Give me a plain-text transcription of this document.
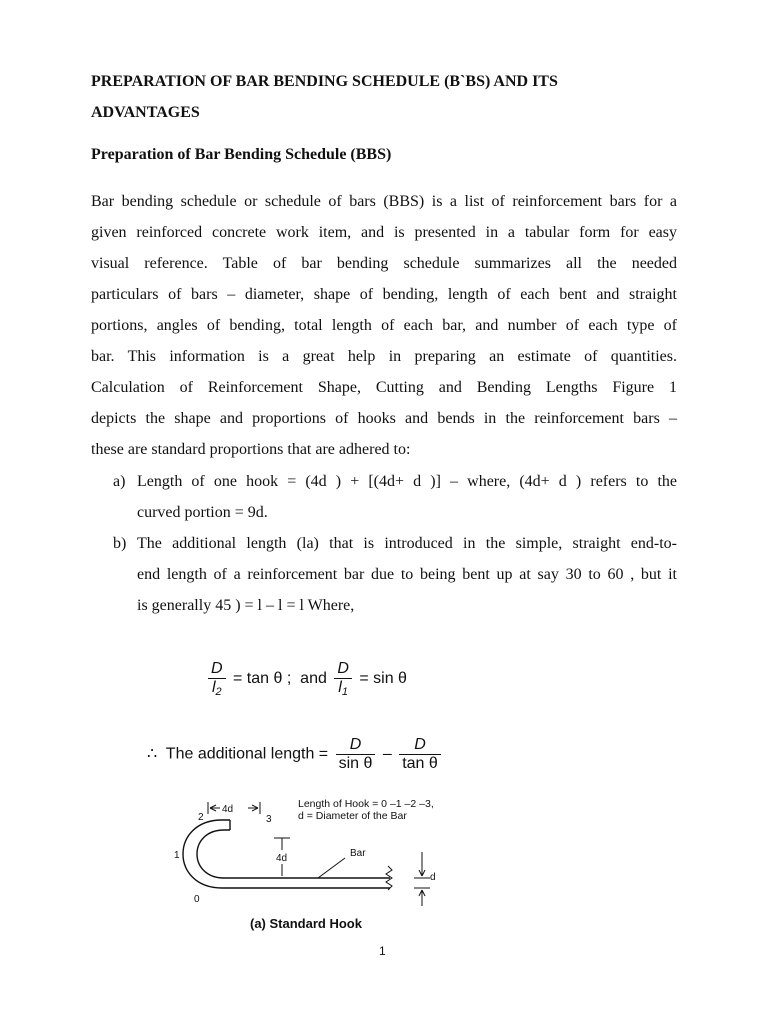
PREPARATION OF BAR BENDING SCHEDULE (B`BS) AND ITS
ADVANTAGES
Preparation of Bar Bending Schedule (BBS)
Bar bending schedule or schedule of bars (BBS) is a list of reinforcement bars for a
given reinforced concrete work item, and is presented in a tabular form for easy
visual reference. Table of bar bending schedule summarizes all the needed
particulars of bars – diameter, shape of bending, length of each bent and straight
portions, angles of bending, total length of each bar, and number of each type of
bar. This information is a great help in preparing an estimate of quantities.
Calculation of Reinforcement Shape, Cutting and Bending Lengths Figure 1
depicts the shape and proportions of hooks and bends in the reinforcement bars –
these are standard proportions that are adhered to:
a) Length of one hook = (4d ) + [(4d+ d )] – where, (4d+ d ) refers to the
curved portion = 9d.
b) The additional length (la) that is introduced in the simple, straight end-to-
end length of a reinforcement bar due to being bent up at say 30 to 60 , but it
is generally 45 ) = l – l = l Where,
$\frac{D}{l_2} = \tan \theta$ ; and $\frac{D}{l_1} = \sin \theta$
∴ The additional length = $\frac{D}{\text{sin θ}} - \frac{D}{\text{tan θ}}$
4d
4d	Bar
d
0
1
2	3
Length of Hook = 0 –1 –2 –3,
d = Diameter of the Bar
(a) Standard Hook
1
